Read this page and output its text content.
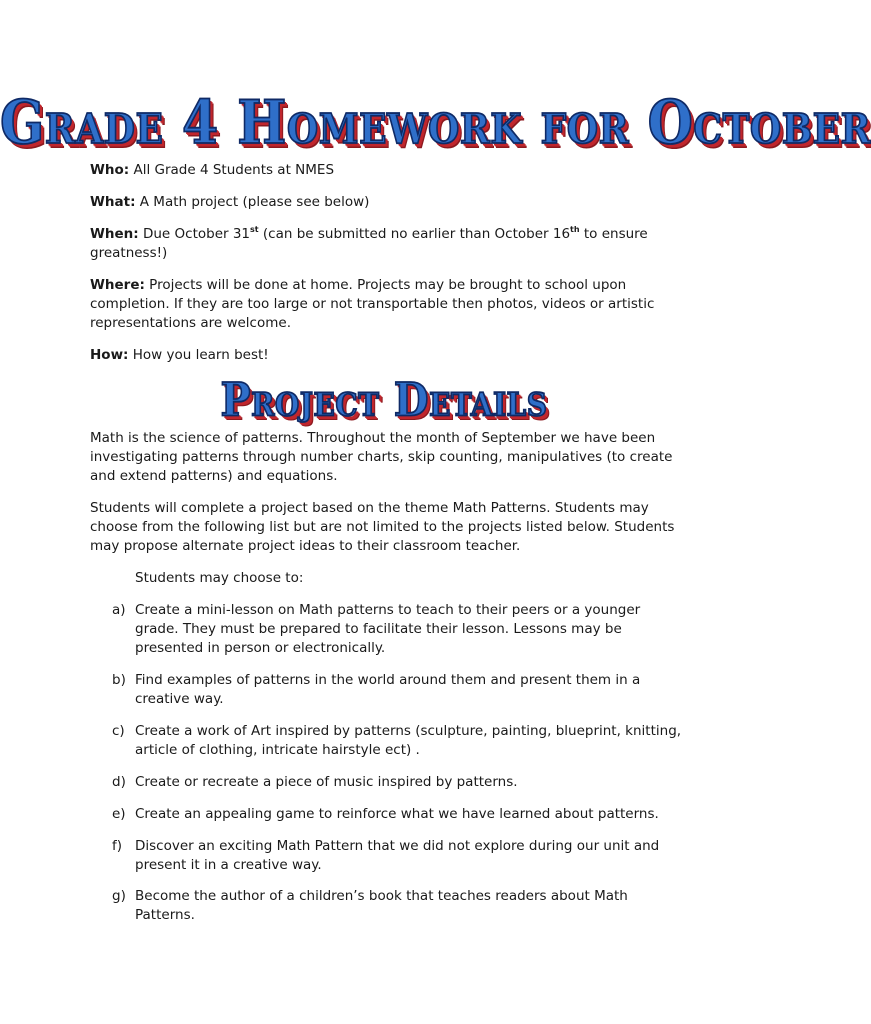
Grade 4 Homework for October

Who: All Grade 4 Students at NMES

What: A Math project (please see below)

When: Due October 31st (can be submitted no earlier than October 16th to ensure greatness!)

Where: Projects will be done at home. Projects may be brought to school upon completion. If they are too large or not transportable then photos, videos or artistic representations are welcome.

How: How you learn best!

Project Details

Math is the science of patterns. Throughout the month of September we have been investigating patterns through number charts, skip counting, manipulatives (to create and extend patterns) and equations.

Students will complete a project based on the theme Math Patterns. Students may choose from the following list but are not limited to the projects listed below. Students may propose alternate project ideas to their classroom teacher.

Students may choose to:
a) Create a mini-lesson on Math patterns to teach to their peers or a younger grade. They must be prepared to facilitate their lesson. Lessons may be presented in person or electronically.
b) Find examples of patterns in the world around them and present them in a creative way.
c) Create a work of Art inspired by patterns (sculpture, painting, blueprint, knitting, article of clothing, intricate hairstyle ect) .
d) Create or recreate a piece of music inspired by patterns.
e) Create an appealing game to reinforce what we have learned about patterns.
f) Discover an exciting Math Pattern that we did not explore during our unit and present it in a creative way.
g) Become the author of a children’s book that teaches readers about Math Patterns.
